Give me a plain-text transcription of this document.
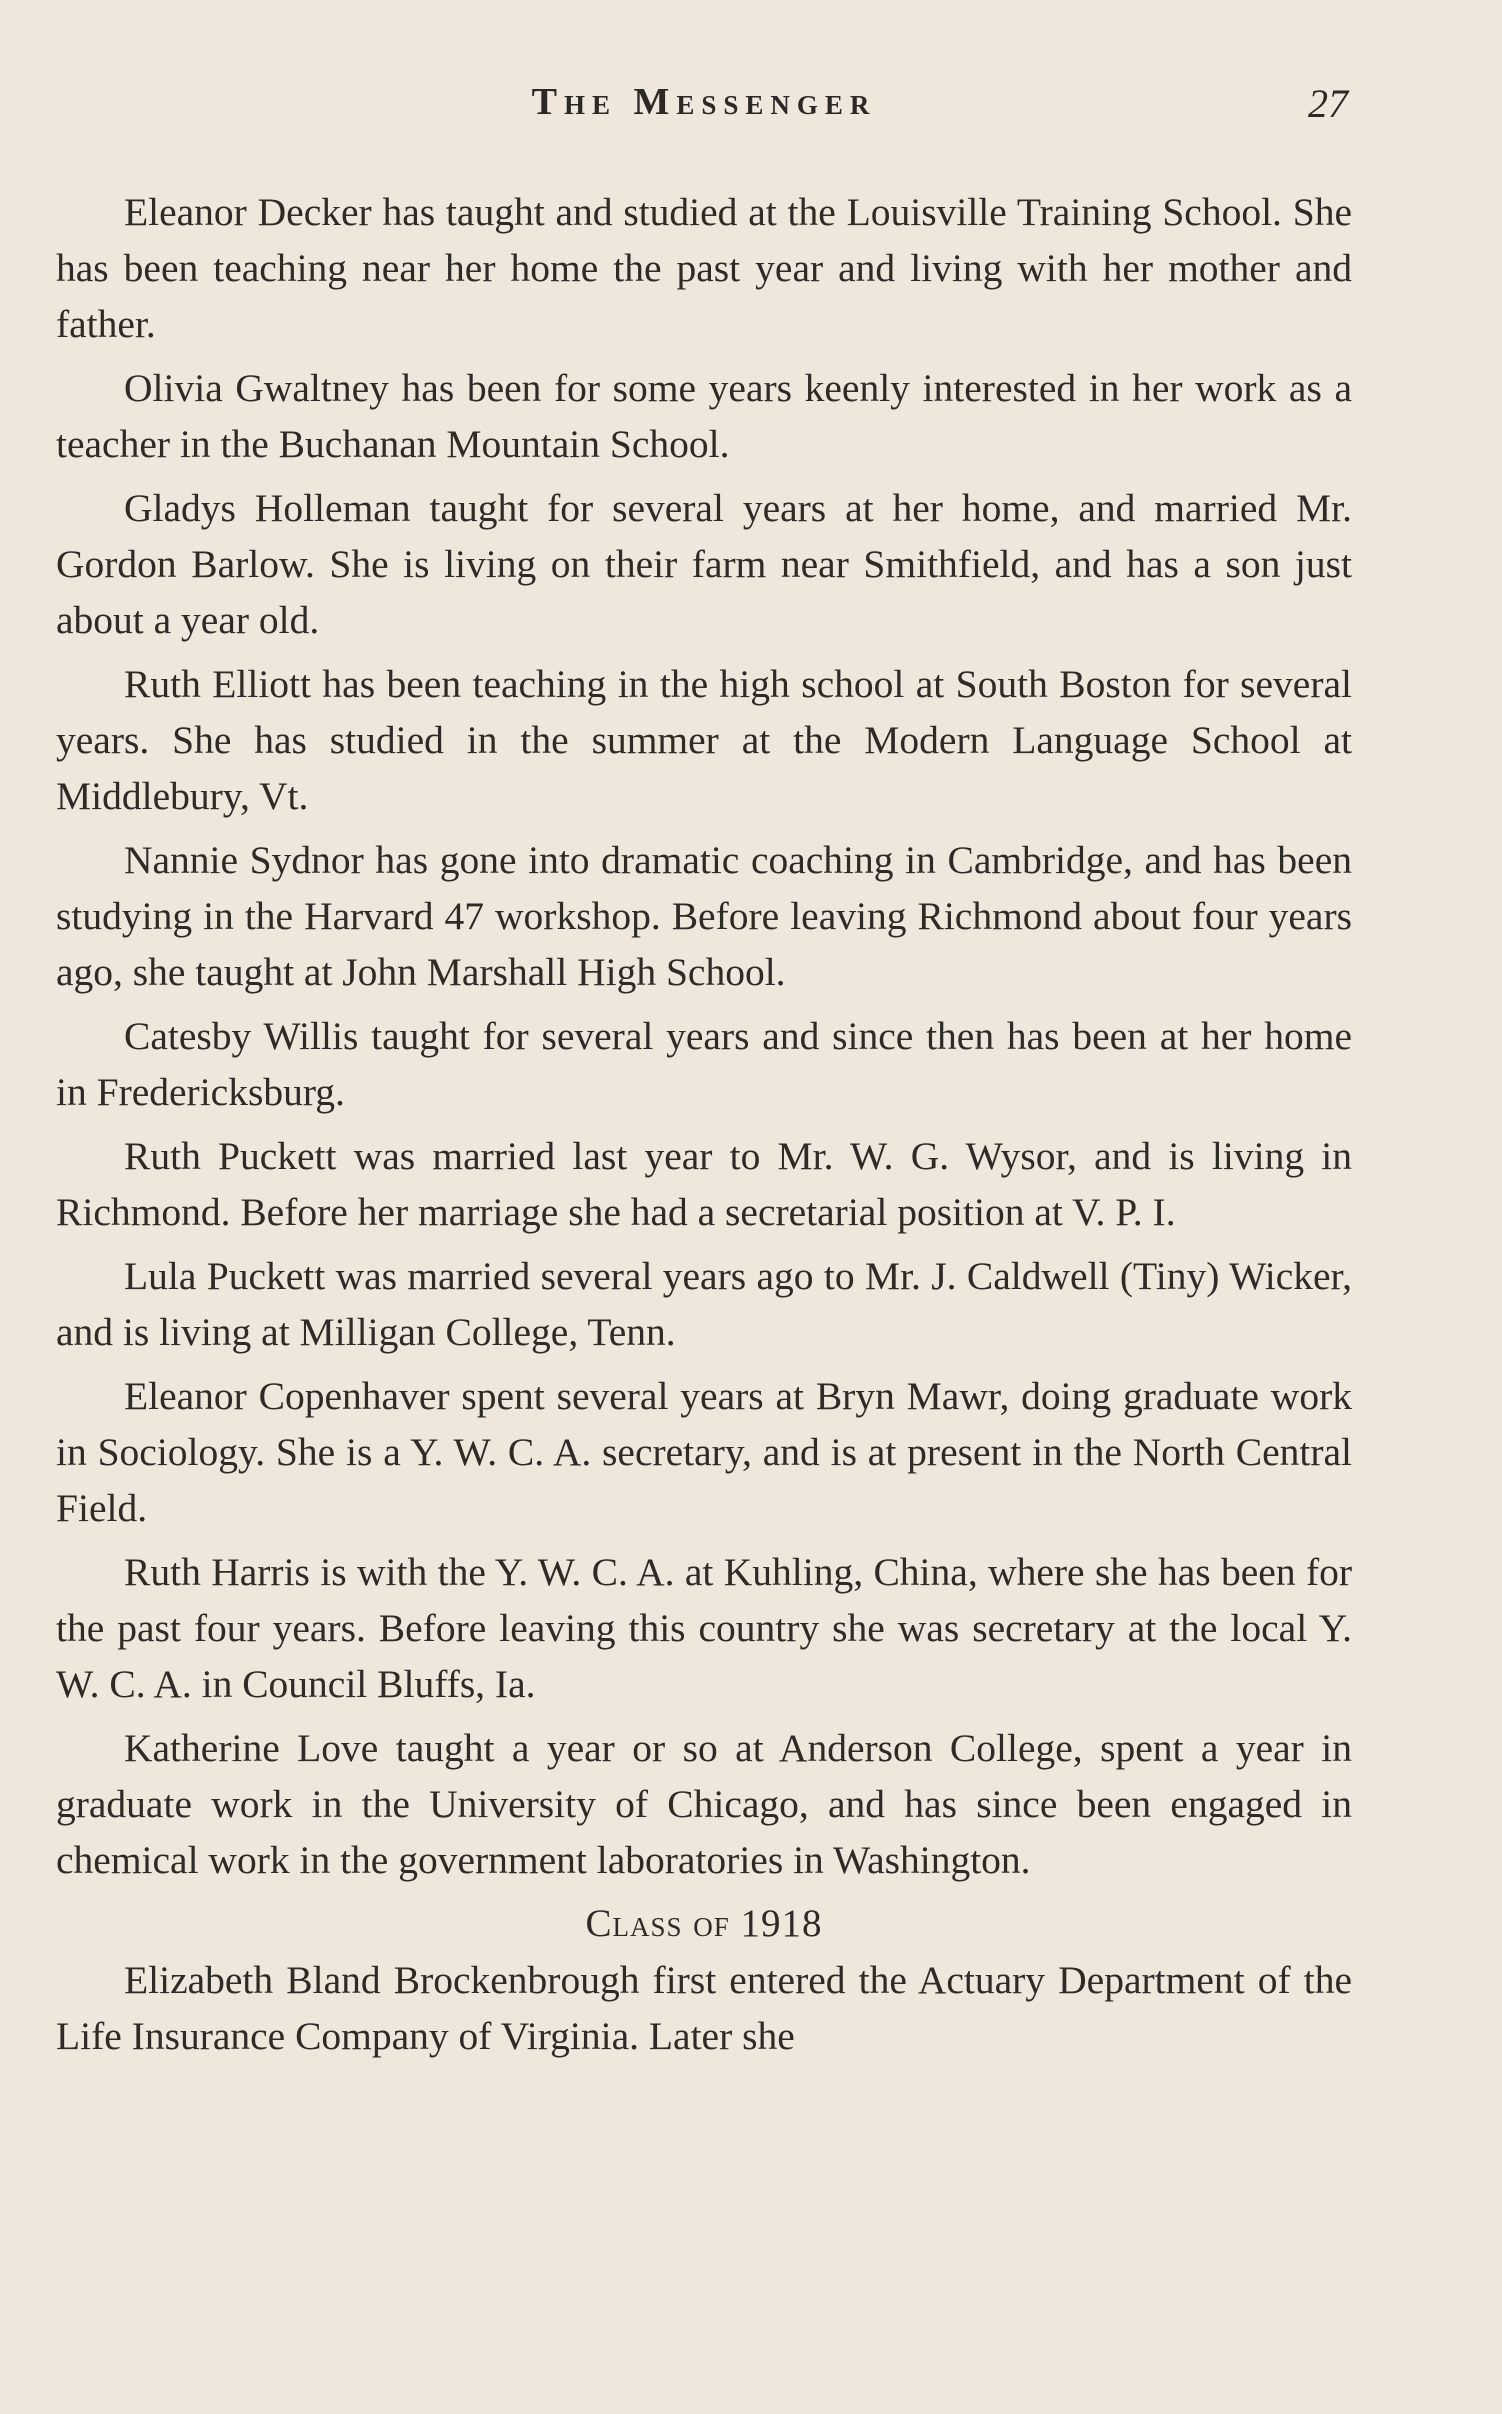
The Messenger	27

Eleanor Decker has taught and studied at the Louisville Training School. She has been teaching near her home the past year and living with her mother and father.

Olivia Gwaltney has been for some years keenly interested in her work as a teacher in the Buchanan Mountain School.

Gladys Holleman taught for several years at her home, and married Mr. Gordon Barlow. She is living on their farm near Smithfield, and has a son just about a year old.

Ruth Elliott has been teaching in the high school at South Boston for several years. She has studied in the summer at the Modern Language School at Middlebury, Vt.

Nannie Sydnor has gone into dramatic coaching in Cambridge, and has been studying in the Harvard 47 workshop. Before leaving Richmond about four years ago, she taught at John Marshall High School.

Catesby Willis taught for several years and since then has been at her home in Fredericksburg.

Ruth Puckett was married last year to Mr. W. G. Wysor, and is living in Richmond. Before her marriage she had a secretarial position at V. P. I.

Lula Puckett was married several years ago to Mr. J. Caldwell (Tiny) Wicker, and is living at Milligan College, Tenn.

Eleanor Copenhaver spent several years at Bryn Mawr, doing graduate work in Sociology. She is a Y. W. C. A. secretary, and is at present in the North Central Field.

Ruth Harris is with the Y. W. C. A. at Kuhling, China, where she has been for the past four years. Before leaving this country she was secretary at the local Y. W. C. A. in Council Bluffs, Ia.

Katherine Love taught a year or so at Anderson College, spent a year in graduate work in the University of Chicago, and has since been engaged in chemical work in the government laboratories in Washington.

Class of 1918

Elizabeth Bland Brockenbrough first entered the Actuary Department of the Life Insurance Company of Virginia. Later she
